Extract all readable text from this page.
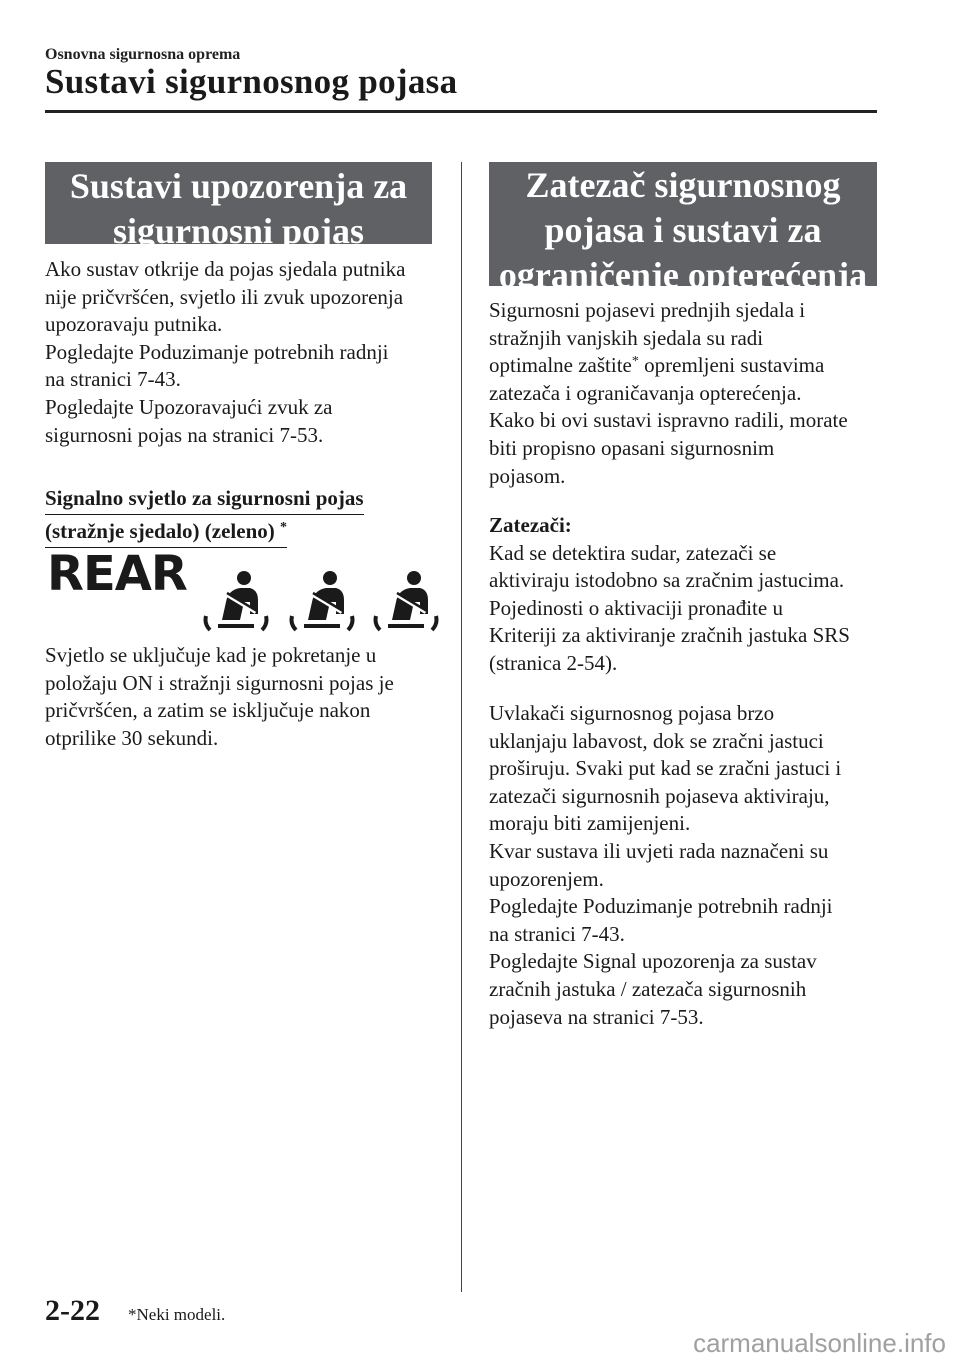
Osnovna sigurnosna oprema
Sustavi sigurnosnog pojasa
Sustavi upozorenja za
sigurnosni pojas
Ako sustav otkrije da pojas sjedala putnika
nije pričvršćen, svjetlo ili zvuk upozorenja
upozoravaju putnika.
Pogledajte Poduzimanje potrebnih radnji
na stranici 7-43.
Pogledajte Upozoravajući zvuk za
sigurnosni pojas na stranici 7-53.
Signalno svjetlo za sigurnosni pojas
(stražnje sjedalo) (zeleno) *
REAR
Svjetlo se uključuje kad je pokretanje u
položaju ON i stražnji sigurnosni pojas je
pričvršćen, a zatim se isključuje nakon
otprilike 30 sekundi.
Zatezač sigurnosnog
pojasa i sustavi za
ograničenje opterećenja
Sigurnosni pojasevi prednjih sjedala i
stražnjih vanjskih sjedala su radi
optimalne zaštite* opremljeni sustavima
zatezača i ograničavanja opterećenja.
Kako bi ovi sustavi ispravno radili, morate
biti propisno opasani sigurnosnim
pojasom.
Zatezači:
Kad se detektira sudar, zatezači se
aktiviraju istodobno sa zračnim jastucima.
Pojedinosti o aktivaciji pronađite u
Kriteriji za aktiviranje zračnih jastuka SRS
(stranica 2-54).
Uvlakači sigurnosnog pojasa brzo
uklanjaju labavost, dok se zračni jastuci
proširuju. Svaki put kad se zračni jastuci i
zatezači sigurnosnih pojaseva aktiviraju,
moraju biti zamijenjeni.
Kvar sustava ili uvjeti rada naznačeni su
upozorenjem.
Pogledajte Poduzimanje potrebnih radnji
na stranici 7-43.
Pogledajte Signal upozorenja za sustav
zračnih jastuka / zatezača sigurnosnih
pojaseva na stranici 7-53.
2-22 *Neki modeli.
carmanualsonline.info
